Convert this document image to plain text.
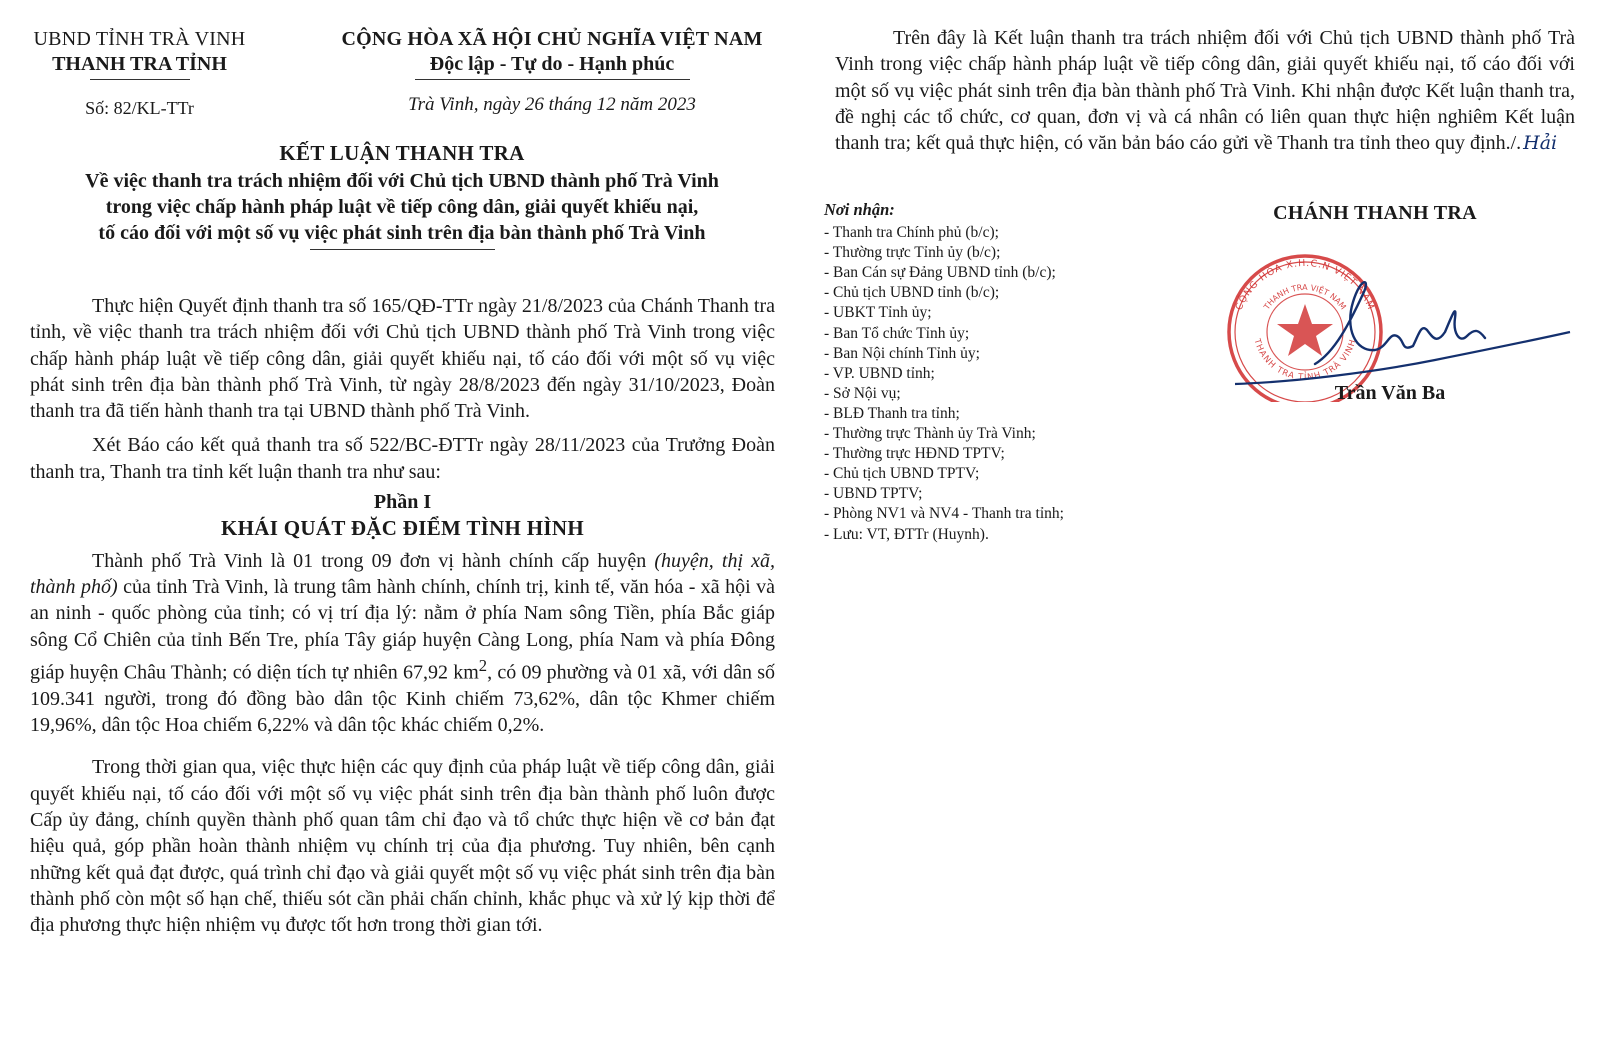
UBND TỈNH TRÀ VINH
THANH TRA TỈNH
Số: 82/KL-TTr
CỘNG HÒA XÃ HỘI CHỦ NGHĨA VIỆT NAM
Độc lập - Tự do - Hạnh phúc
Trà Vinh, ngày 26 tháng 12 năm 2023
KẾT LUẬN THANH TRA
Về việc thanh tra trách nhiệm đối với Chủ tịch UBND thành phố Trà Vinh
trong việc chấp hành pháp luật về tiếp công dân, giải quyết khiếu nại,
tố cáo đối với một số vụ việc phát sinh trên địa bàn thành phố Trà Vinh

Thực hiện Quyết định thanh tra số 165/QĐ-TTr ngày 21/8/2023 của Chánh Thanh tra tỉnh, về việc thanh tra trách nhiệm đối với Chủ tịch UBND thành phố Trà Vinh trong việc chấp hành pháp luật về tiếp công dân, giải quyết khiếu nại, tố cáo đối với một số vụ việc phát sinh trên địa bàn thành phố Trà Vinh, từ ngày 28/8/2023 đến ngày 31/10/2023, Đoàn thanh tra đã tiến hành thanh tra tại UBND thành phố Trà Vinh.

Xét Báo cáo kết quả thanh tra số 522/BC-ĐTTr ngày 28/11/2023 của Trưởng Đoàn thanh tra, Thanh tra tỉnh kết luận thanh tra như sau:

Phần I
KHÁI QUÁT ĐẶC ĐIỂM TÌNH HÌNH

Thành phố Trà Vinh là 01 trong 09 đơn vị hành chính cấp huyện (huyện, thị xã, thành phố) của tỉnh Trà Vinh, là trung tâm hành chính, chính trị, kinh tế, văn hóa - xã hội và an ninh - quốc phòng của tỉnh; có vị trí địa lý: nằm ở phía Nam sông Tiền, phía Bắc giáp sông Cổ Chiên của tỉnh Bến Tre, phía Tây giáp huyện Càng Long, phía Nam và phía Đông giáp huyện Châu Thành; có diện tích tự nhiên 67,92 $km^2$, có 09 phường và 01 xã, với dân số 109.341 người, trong đó đồng bào dân tộc Kinh chiếm 73,62%, dân tộc Khmer chiếm 19,96%, dân tộc Hoa chiếm 6,22% và dân tộc khác chiếm 0,2%.

Trong thời gian qua, việc thực hiện các quy định của pháp luật về tiếp công dân, giải quyết khiếu nại, tố cáo đối với một số vụ việc phát sinh trên địa bàn thành phố luôn được Cấp ủy đảng, chính quyền thành phố quan tâm chỉ đạo và tổ chức thực hiện về cơ bản đạt hiệu quả, góp phần hoàn thành nhiệm vụ chính trị của địa phương. Tuy nhiên, bên cạnh những kết quả đạt được, quá trình chỉ đạo và giải quyết một số vụ việc phát sinh trên địa bàn thành phố còn một số hạn chế, thiếu sót cần phải chấn chỉnh, khắc phục và xử lý kịp thời để địa phương thực hiện nhiệm vụ được tốt hơn trong thời gian tới.

Trên đây là Kết luận thanh tra trách nhiệm đối với Chủ tịch UBND thành phố Trà Vinh trong việc chấp hành pháp luật về tiếp công dân, giải quyết khiếu nại, tố cáo đối với một số vụ việc phát sinh trên địa bàn thành phố Trà Vinh. Khi nhận được Kết luận thanh tra, đề nghị các tổ chức, cơ quan, đơn vị và cá nhân có liên quan thực hiện nghiêm Kết luận thanh tra; kết quả thực hiện, có văn bản báo cáo gửi về Thanh tra tỉnh theo quy định./. Hải

Nơi nhận:
- Thanh tra Chính phủ (b/c);
- Thường trực Tỉnh ủy (b/c);
- Ban Cán sự Đảng UBND tỉnh (b/c);
- Chủ tịch UBND tỉnh (b/c);
- UBKT Tỉnh ủy;
- Ban Tổ chức Tỉnh ủy;
- Ban Nội chính Tỉnh ủy;
- VP. UBND tỉnh;
- Sở Nội vụ;
- BLĐ Thanh tra tỉnh;
- Thường trực Thành ủy Trà Vinh;
- Thường trực HĐND TPTV;
- Chủ tịch UBND TPTV;
- UBND TPTV;
- Phòng NV1 và NV4 - Thanh tra tỉnh;
- Lưu: VT, ĐTTr (Huynh).
CHÁNH THANH TRA
CỘNG HÒA X.H.C.N VIỆT NAM
THANH TRA VIỆT NAM
THANH TRA TỈNH TRÀ VINH
Trần Văn Ba
